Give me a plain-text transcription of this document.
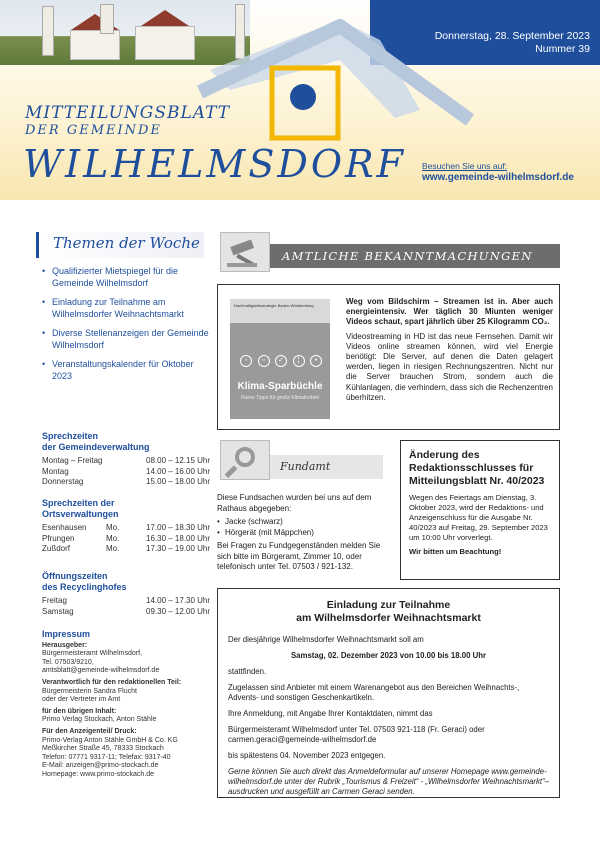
Donnerstag, 28. September 2023
Nummer 39
MITTEILUNGSBLATT
DER GEMEINDE
WILHELMSDORF Besuchen Sie uns auf:
www.gemeinde-wilhelmsdorf.de
Themen der Woche
• Qualifizierter Mietspiegel für die Gemeinde Wilhelmsdorf
• Einladung zur Teilnahme am Wilhelmsdorfer Weihnachtsmarkt
• Diverse Stellenanzeigen der Gemeinde Wilhelmsdorf
• Veranstaltungskalender für Oktober 2023
Sprechzeiten
der Gemeindeverwaltung
Montag – Freitag	08.00 – 12.15 Uhr
Montag	14.00 – 16.00 Uhr
Donnerstag	15.00 – 18.00 Uhr
Sprechzeiten der
Ortsverwaltungen
Esenhausen	Mo.	17.00 – 18.30 Uhr
Pfrungen	Mo.	16.30 – 18.00 Uhr
Zußdorf	Mo.	17.30 – 19.00 Uhr
Öffnungszeiten
des Recyclinghofes
Freitag	14.00 – 17.30 Uhr
Samstag	09.30 – 12.00 Uhr
Impressum
Herausgeber:
Bürgermeisteramt Wilhelmsdorf,
Tel. 07503/9210,
amtsblatt@gemeinde-wilhelmsdorf.de
Verantwortlich für den redaktionellen Teil:
Bürgermeisterin Sandra Flucht
oder der Vertreter im Amt
für den übrigen Inhalt:
Primo Verlag Stockach, Anton Stähle
Für den Anzeigenteil/ Druck:
Primo-Verlag Anton Stähle GmbH & Co. KG
Meßkircher Straße 45, 78333 Stockach
Telefon: 07771 9317-11; Telefax: 9317-40
E-Mail: anzeigen@primo-stockach.de
Homepage: www.primo-stockach.de
AMTLICHE BEKANNTMACHUNGEN
Nachhaltigkeitsstrategie Baden-Württemberg
◦	▫	✓	¦	•
Klima-Sparbüchle
Kleine Tipps für große Klimafreiheit
Weg vom Bildschirm – Streamen ist in. Aber auch energieintensiv. Wer täglich 30 Miunten weniger Videos schaut, spart jährlich über 25 Kilogramm CO₂.
Videostreaming in HD ist das neue Fernsehen. Damit wir Videos online streamen können, wird viel Energie benötigt: Die Server, auf denen die Daten gelagert werden, liegen in riesigen Rechnungszentren. Nicht nur die Server brauchen Strom, sondern auch die Kühlanlagen, die verhindern, dass sich die Rechenzentren überhitzen.
Fundamt
Diese Fundsachen wurden bei uns auf dem Rathaus abgegeben:
• Jacke (schwarz)
• Hörgerät (mit Mäppchen)
Bei Fragen zu Fundgegenständen melden Sie sich bitte im Bürgeramt, Zimmer 10, oder telefonisch unter Tel. 07503 / 921-132.
Änderung des Redaktionsschlusses für Mitteilungsblatt Nr. 40/2023

Wegen des Feiertags am Dienstag, 3. Oktober 2023, wird der Redaktions- und Anzeigenschluss für die Ausgabe Nr. 40/2023 auf Freitag, 29. September 2023 um 10:00 Uhr vorverlegt.

Wir bitten um Beachtung!

Einladung zur Teilnahme
am Wilhelmsdorfer Weihnachtsmarkt

Der diesjährige Wilhelmsdorfer Weihnachtsmarkt soll am

Samstag, 02. Dezember 2023 von 10.00 bis 18.00 Uhr

stattfinden.

Zugelassen sind Anbieter mit einem Warenangebot aus den Bereichen Weihnachts-, Advents- und sonstigen Geschenkartikeln.

Ihre Anmeldung, mit Angabe Ihrer Kontaktdaten, nimmt das

Bürgermeisteramt Wilhelmsdorf unter Tel. 07503 921-118 (Fr. Geraci) oder carmen.geraci@gemeinde-wilhelmsdorf.de

bis spätestens 04. November 2023 entgegen.

Gerne können Sie auch direkt das Anmeldeformular auf unserer Homepage www.gemeinde-wilhelmsdorf.de unter der Rubrik „Tourismus & Freizeit“ - „Wilhelmsdorfer Weihnachtsmarkt“– ausdrucken und ausgefüllt an Carmen Geraci senden.
